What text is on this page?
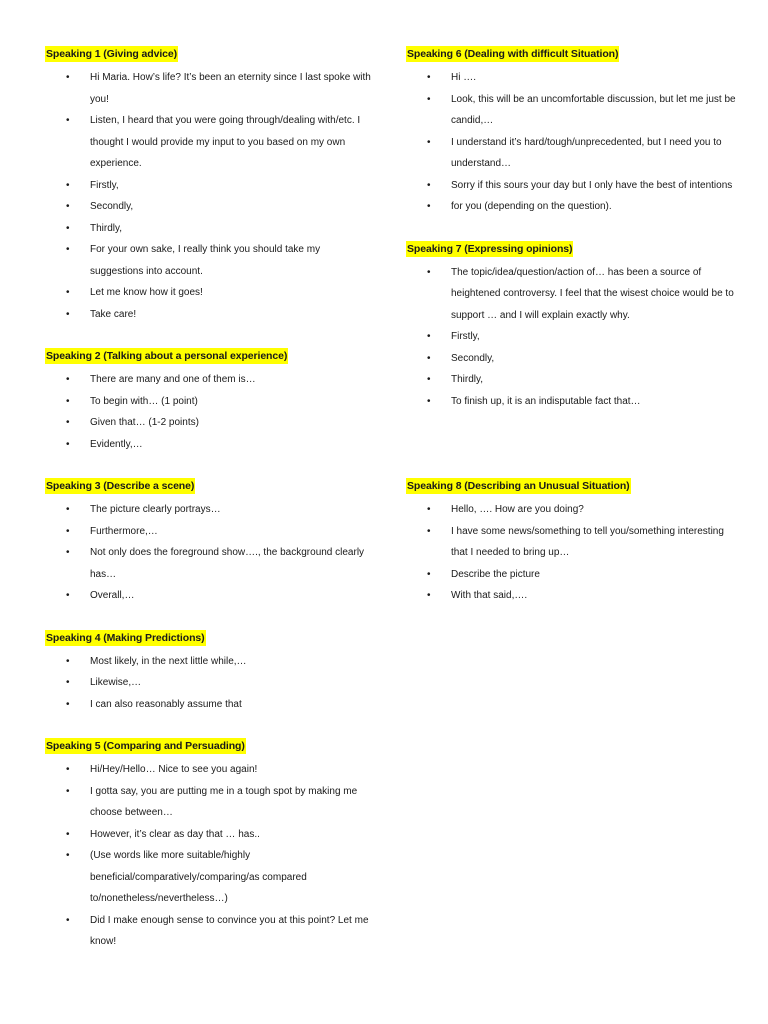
Speaking 1 (Giving advice)
• Hi Maria. How’s life? It’s been an eternity since I last spoke with you!
• Listen, I heard that you were going through/dealing with/etc. I thought I would provide my input to you based on my own experience.
• Firstly,
• Secondly,
• Thirdly,
• For your own sake, I really think you should take my suggestions into account.
• Let me know how it goes!
• Take care!
Speaking 2 (Talking about a personal experience)
• There are many and one of them is…
• To begin with… (1 point)
• Given that… (1-2 points)
• Evidently,…
Speaking 3 (Describe a scene)
• The picture clearly portrays…
• Furthermore,…
• Not only does the foreground show…., the background clearly has…
• Overall,…
Speaking 4 (Making Predictions)
• Most likely, in the next little while,…
• Likewise,…
• I can also reasonably assume that
Speaking 5 (Comparing and Persuading)
• Hi/Hey/Hello… Nice to see you again!
• I gotta say, you are putting me in a tough spot by making me choose between…
• However, it’s clear as day that … has..
• (Use words like more suitable/highly beneficial/comparatively/comparing/as compared to/nonetheless/nevertheless…)
• Did I make enough sense to convince you at this point? Let me know!
Speaking 6 (Dealing with difficult Situation)
• Hi ….
• Look, this will be an uncomfortable discussion, but let me just be candid,…
• I understand it’s hard/tough/unprecedented, but I need you to understand…
• Sorry if this sours your day but I only have the best of intentions
• for you (depending on the question).
Speaking 7 (Expressing opinions)
• The topic/idea/question/action of… has been a source of heightened controversy. I feel that the wisest choice would be to support … and I will explain exactly why.
• Firstly,
• Secondly,
• Thirdly,
• To finish up, it is an indisputable fact that…
Speaking 8 (Describing an Unusual Situation)
• Hello, …. How are you doing?
• I have some news/something to tell you/something interesting that I needed to bring up…
• Describe the picture
• With that said,….
